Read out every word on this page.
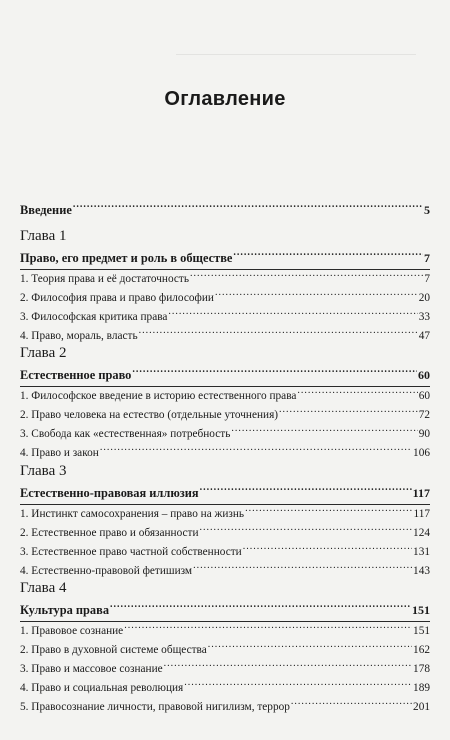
Оглавление
Введение .....	5
Глава 1
Право, его предмет и роль в обществе .....	7
1. Теория права и её достаточность .....	7
2. Философия права и право философии .....	20
3. Философская критика права .....	33
4. Право, мораль, власть .....	47
Глава 2
Естественное право .....	60
1. Философское введение в историю естественного права .....	60
2. Право человека на естество (отдельные уточнения) .....	72
3. Свобода как «естественная» потребность .....	90
4. Право и закон .....	106
Глава 3
Естественно-правовая иллюзия .....	117
1. Инстинкт самосохранения – право на жизнь .....	117
2. Естественное право и обязанности .....	124
3. Естественное право частной собственности .....	131
4. Естественно-правовой фетишизм .....	143
Глава 4
Культура права .....	151
1. Правовое сознание .....	151
2. Право в духовной системе общества .....	162
3. Право и массовое сознание .....	178
4. Право и социальная революция .....	189
5. Правосознание личности, правовой нигилизм, террор .....	201
